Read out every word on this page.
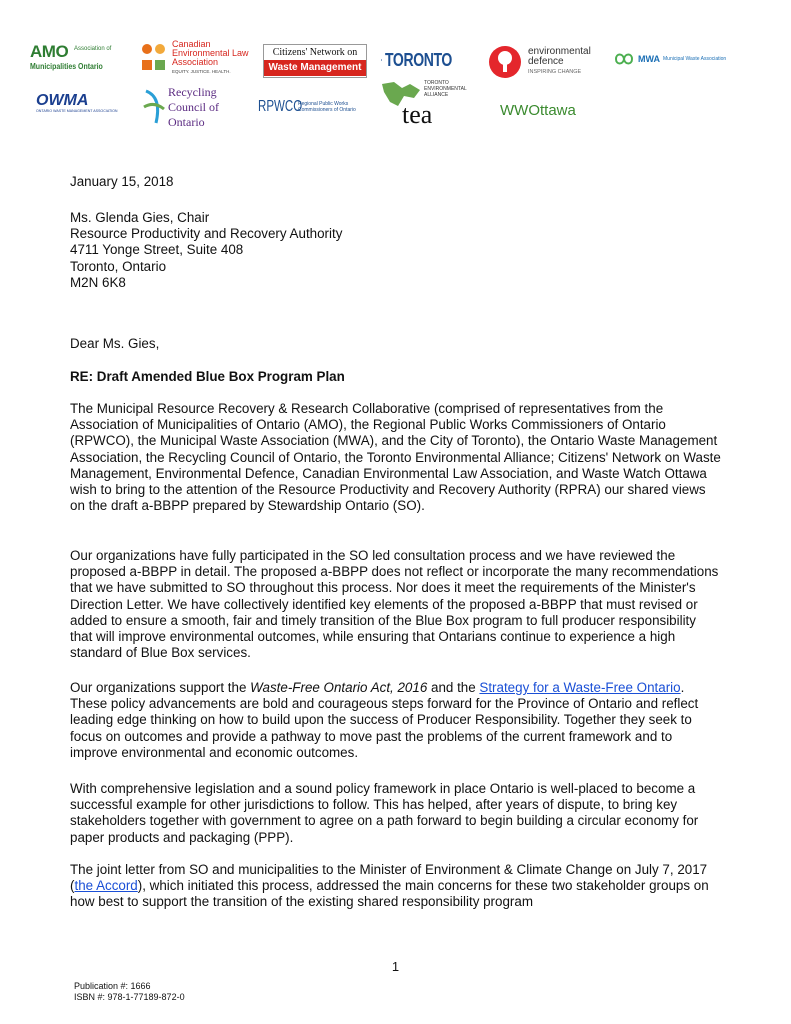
AMO Association of
Municipalities Ontario
Canadian
Environmental Law
Association
EQUITY. JUSTICE. HEALTH.
Citizens' Network on
Waste Management TORONTO	environmental
defence
INSPIRING CHANGE
MWA Municipal Waste Association
OWMA
ONTARIO WASTE MANAGEMENT ASSOCIATION
Recycling
Council of
Ontario
RPWCO
Regional Public Works
Commissioners of Ontario
TORONTO
ENVIRONMENTAL
ALLIANCE
tea	WWOttawa

January 15, 2018

Ms. Glenda Gies, Chair
Resource Productivity and Recovery Authority
4711 Yonge Street, Suite 408
Toronto, Ontario
M2N 6K8

Dear Ms. Gies,

RE: Draft Amended Blue Box Program Plan

The Municipal Resource Recovery & Research Collaborative (comprised of representatives from the Association of Municipalities of Ontario (AMO), the Regional Public Works Commissioners of Ontario (RPWCO), the Municipal Waste Association (MWA), and the City of Toronto), the Ontario Waste Management Association, the Recycling Council of Ontario, the Toronto Environmental Alliance; Citizens' Network on Waste Management, Environmental Defence, Canadian Environmental Law Association, and Waste Watch Ottawa wish to bring to the attention of the Resource Productivity and Recovery Authority (RPRA) our shared views on the draft a-BBPP prepared by Stewardship Ontario (SO).

Our organizations have fully participated in the SO led consultation process and we have reviewed the proposed a-BBPP in detail. The proposed a-BBPP does not reflect or incorporate the many recommendations that we have submitted to SO throughout this process. Nor does it meet the requirements of the Minister's Direction Letter. We have collectively identified key elements of the proposed a-BBPP that must revised or added to ensure a smooth, fair and timely transition of the Blue Box program to full producer responsibility that will improve environmental outcomes, while ensuring that Ontarians continue to experience a high standard of Blue Box services.

Our organizations support the Waste-Free Ontario Act, 2016 and the Strategy for a Waste-Free Ontario. These policy advancements are bold and courageous steps forward for the Province of Ontario and reflect leading edge thinking on how to build upon the success of Producer Responsibility. Together they seek to focus on outcomes and provide a pathway to move past the problems of the current framework and to improve environmental and economic outcomes.

With comprehensive legislation and a sound policy framework in place Ontario is well-placed to become a successful example for other jurisdictions to follow. This has helped, after years of dispute, to bring key stakeholders together with government to agree on a path forward to begin building a circular economy for paper products and packaging (PPP).

The joint letter from SO and municipalities to the Minister of Environment & Climate Change on July 7, 2017 (the Accord), which initiated this process, addressed the main concerns for these two stakeholder groups on how best to support the transition of the existing shared responsibility program

1
Publication #: 1666
ISBN #: 978-1-77189-872-0
